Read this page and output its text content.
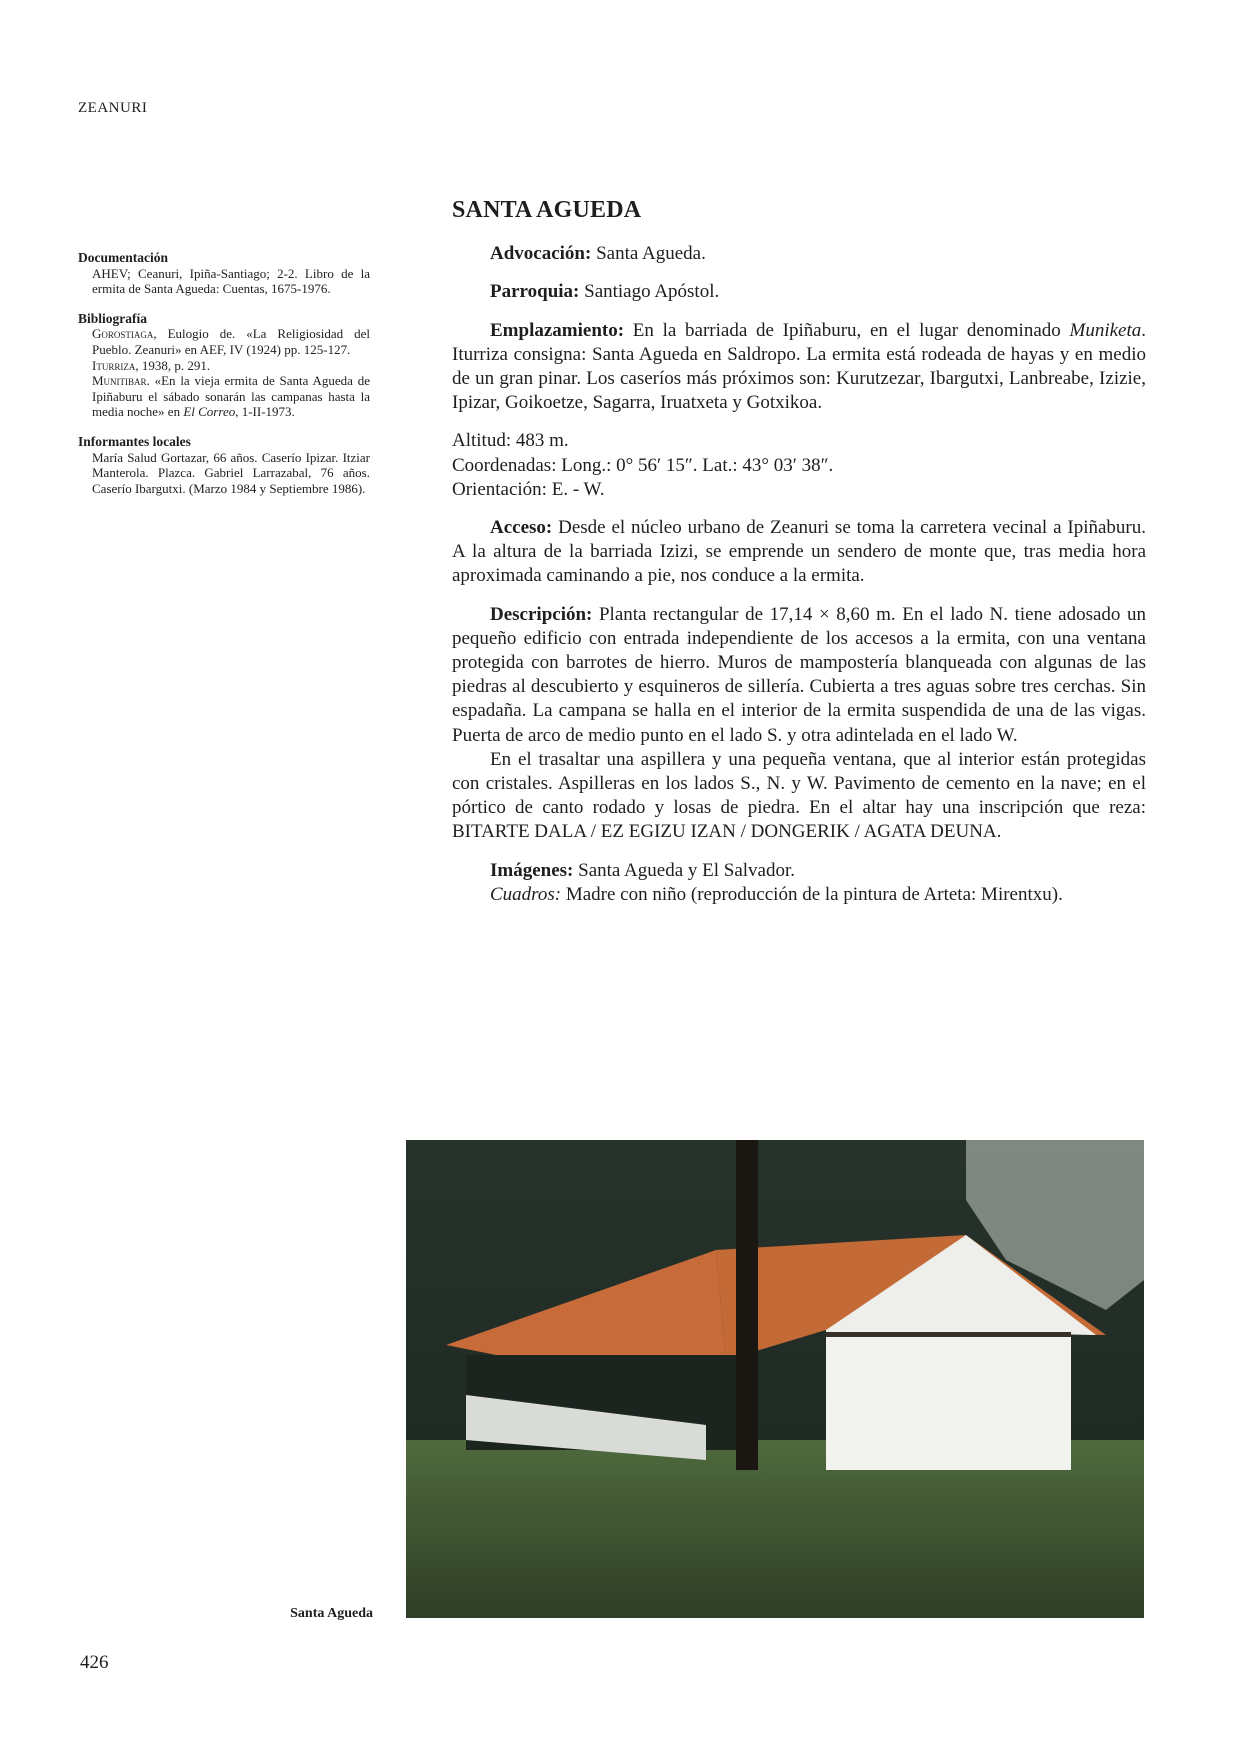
ZEANURI
Documentación
AHEV; Ceanuri, Ipiña-Santiago; 2-2. Libro de la ermita de Santa Agueda: Cuentas, 1675-1976.
Bibliografía
Gorostiaga, Eulogio de. «La Religiosidad del Pueblo. Zeanuri» en AEF, IV (1924) pp. 125-127.
Iturriza, 1938, p. 291.
Munitibar. «En la vieja ermita de Santa Agueda de Ipiñaburu el sábado sonarán las campanas hasta la media noche» en El Correo, 1-II-1973.
Informantes locales
María Salud Gortazar, 66 años. Caserío Ipizar. Itziar Manterola. Plazca. Gabriel Larrazabal, 76 años. Caserío Ibargutxi. (Marzo 1984 y Septiembre 1986).
SANTA AGUEDA

Advocación: Santa Agueda.

Parroquia: Santiago Apóstol.

Emplazamiento: En la barriada de Ipiñaburu, en el lugar denominado Muniketa. Iturriza consigna: Santa Agueda en Saldropo. La ermita está rodeada de hayas y en medio de un gran pinar. Los caseríos más próximos son: Kurutzezar, Ibargutxi, Lanbreabe, Izizie, Ipizar, Goikoetze, Sagarra, Iruatxeta y Gotxikoa.

Altitud: 483 m.
Coordenadas: Long.: 0° 56′ 15″. Lat.: 43° 03′ 38″.
Orientación: E. - W.

Acceso: Desde el núcleo urbano de Zeanuri se toma la carretera vecinal a Ipiñaburu. A la altura de la barriada Izizi, se emprende un sendero de monte que, tras media hora aproximada caminando a pie, nos conduce a la ermita.

Descripción: Planta rectangular de 17,14 × 8,60 m. En el lado N. tiene adosado un pequeño edificio con entrada independiente de los accesos a la ermita, con una ventana protegida con barrotes de hierro. Muros de mampostería blanqueada con algunas de las piedras al descubierto y esquineros de sillería. Cubierta a tres aguas sobre tres cerchas. Sin espadaña. La campana se halla en el interior de la ermita suspendida de una de las vigas. Puerta de arco de medio punto en el lado S. y otra adintelada en el lado W.

En el trasaltar una aspillera y una pequeña ventana, que al interior están protegidas con cristales. Aspilleras en los lados S., N. y W. Pavimento de cemento en la nave; en el pórtico de canto rodado y losas de piedra. En el altar hay una inscripción que reza: BITARTE DALA / EZ EGIZU IZAN / DONGERIK / AGATA DEUNA.

Imágenes: Santa Agueda y El Salvador.

Cuadros: Madre con niño (reproducción de la pintura de Arteta: Mirentxu).

Santa Agueda
426
